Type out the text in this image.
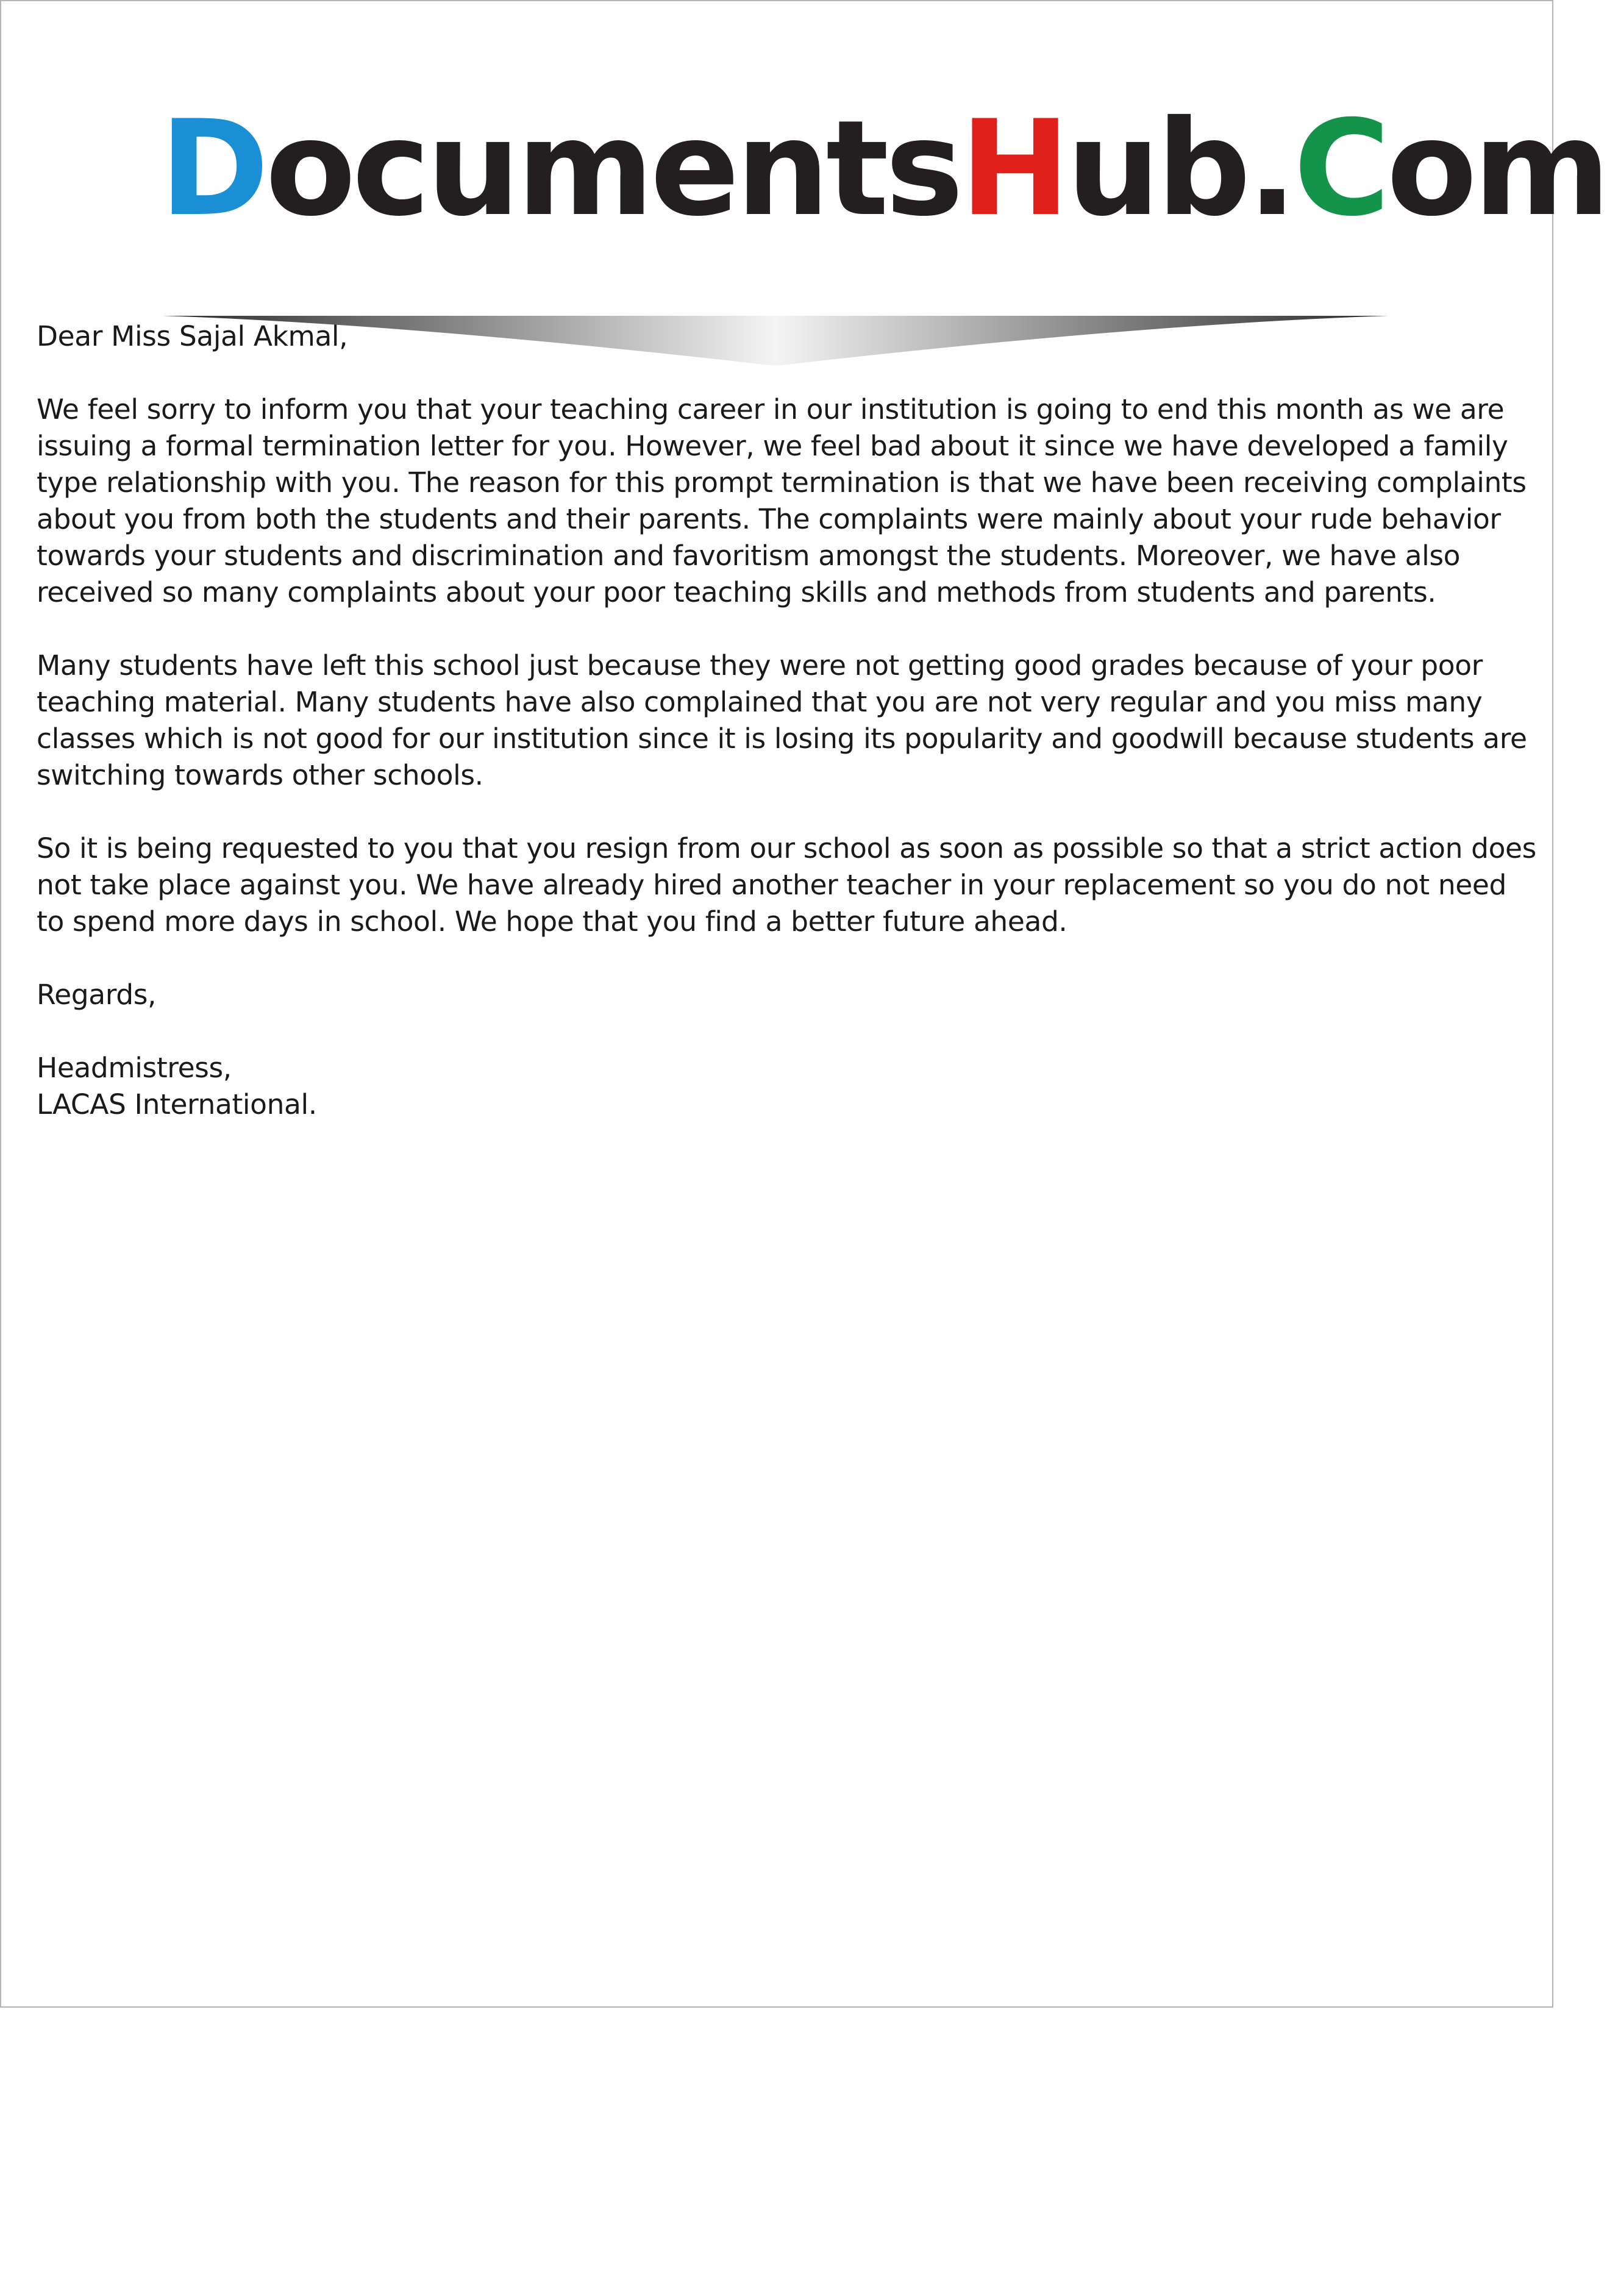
DocumentsHub.Com

Dear Miss Sajal Akmal,

We feel sorry to inform you that your teaching career in our institution is going to end this month as we are
issuing a formal termination letter for you. However, we feel bad about it since we have developed a family
type relationship with you. The reason for this prompt termination is that we have been receiving complaints
about you from both the students and their parents. The complaints were mainly about your rude behavior
towards your students and discrimination and favoritism amongst the students. Moreover, we have also
received so many complaints about your poor teaching skills and methods from students and parents.

Many students have left this school just because they were not getting good grades because of your poor
teaching material. Many students have also complained that you are not very regular and you miss many
classes which is not good for our institution since it is losing its popularity and goodwill because students are
switching towards other schools.

So it is being requested to you that you resign from our school as soon as possible so that a strict action does
not take place against you. We have already hired another teacher in your replacement so you do not need
to spend more days in school. We hope that you find a better future ahead.

Regards,

Headmistress,
LACAS International.
